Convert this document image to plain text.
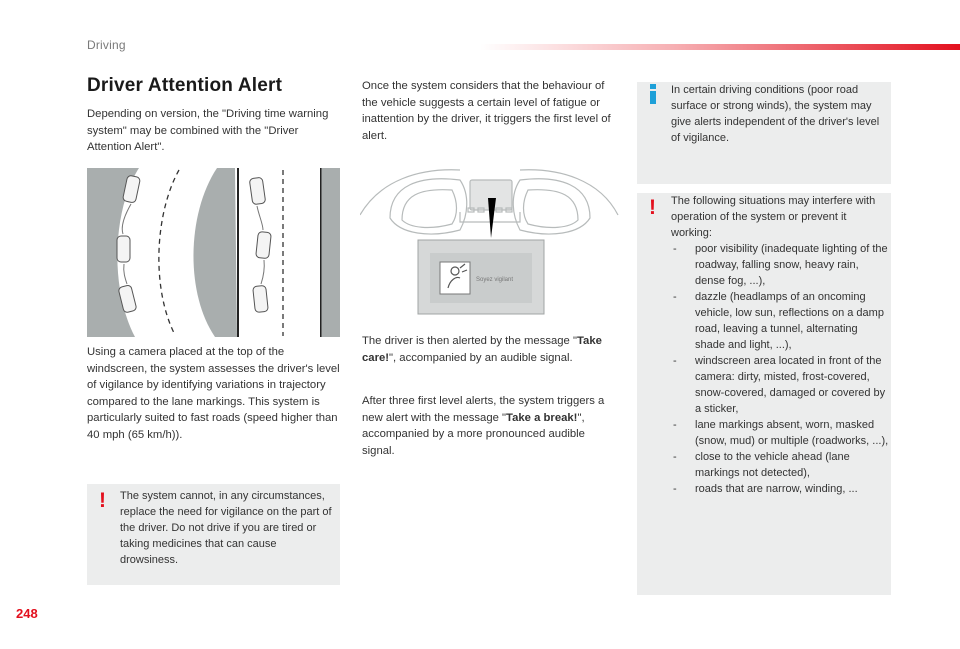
Driving
Driver Attention Alert
Depending on version, the "Driving time warning system" may be combined with the "Driver Attention Alert".
Using a camera placed at the top of the windscreen, the system assesses the driver's level of vigilance by identifying variations in trajectory compared to the lane markings. This system is particularly suited to fast roads (speed higher than 40 mph (65 km/h)).
! The system cannot, in any circumstances, replace the need for vigilance on the part of the driver. Do not drive if you are tired or taking medicines that can cause drowsiness.
Once the system considers that the behaviour of the vehicle suggests a certain level of fatigue or inattention by the driver, it triggers the first level of alert.
Soyez vigilant
The driver is then alerted by the message "Take care!", accompanied by an audible signal.
After three first level alerts, the system triggers a new alert with the message "Take a break!", accompanied by a more pronounced audible signal.
In certain driving conditions (poor road surface or strong winds), the system may give alerts independent of the driver's level of vigilance.
! The following situations may interfere with operation of the system or prevent it working:
- poor visibility (inadequate lighting of the roadway, falling snow, heavy rain, dense fog, ...),
- dazzle (headlamps of an oncoming vehicle, low sun, reflections on a damp road, leaving a tunnel, alternating shade and light, ...),
- windscreen area located in front of the camera: dirty, misted, frost-covered, snow-covered, damaged or covered by a sticker,
- lane markings absent, worn, masked (snow, mud) or multiple (roadworks, ...),
- close to the vehicle ahead (lane markings not detected),
- roads that are narrow, winding, ...
248
